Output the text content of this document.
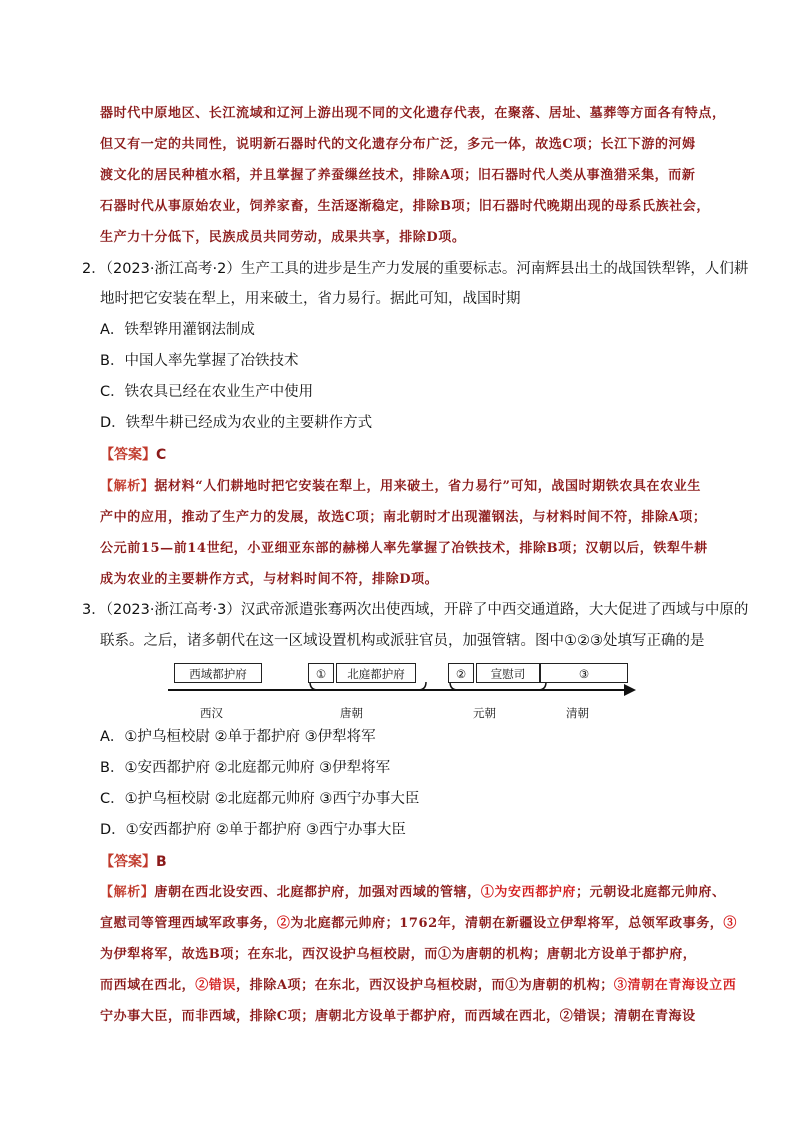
器时代中原地区、长江流域和辽河上游出现不同的文化遗存代表，在聚落、居址、墓葬等方面各有特点，
但又有一定的共同性，说明新石器时代的文化遗存分布广泛，多元一体，故选C项；长江下游的河姆
渡文化的居民种植水稻，并且掌握了养蚕缫丝技术，排除A项；旧石器时代人类从事渔猎采集，而新
石器时代从事原始农业，饲养家畜，生活逐渐稳定，排除B项；旧石器时代晚期出现的母系氏族社会，
生产力十分低下，民族成员共同劳动，成果共享，排除D项。
2．（2023·浙江高考·2）生产工具的进步是生产力发展的重要标志。河南辉县出土的战国铁犁铧，人们耕
地时把它安装在犁上，用来破土，省力易行。据此可知，战国时期
A．铁犁铧用灌钢法制成
B．中国人率先掌握了冶铁技术
C．铁农具已经在农业生产中使用
D．铁犁牛耕已经成为农业的主要耕作方式
【答案】C
【解析】据材料“人们耕地时把它安装在犁上，用来破土，省力易行”可知，战国时期铁农具在农业生
产中的应用，推动了生产力的发展，故选C项；南北朝时才出现灌钢法，与材料时间不符，排除A项；
公元前15—前14世纪，小亚细亚东部的赫梯人率先掌握了冶铁技术，排除B项；汉朝以后，铁犁牛耕
成为农业的主要耕作方式，与材料时间不符，排除D项。
3．（2023·浙江高考·3）汉武帝派遣张骞两次出使西域，开辟了中西交通道路，大大促进了西域与中原的
联系。之后，诸多朝代在这一区域设置机构或派驻官员，加强管辖。图中①②③处填写正确的是
西域都护府	①	北庭都护府	②	宣慰司	③
西汉	唐朝	元朝	清朝
A．①护乌桓校尉 ②单于都护府 ③伊犁将军
B．①安西都护府 ②北庭都元帅府 ③伊犁将军
C．①护乌桓校尉 ②北庭都元帅府 ③西宁办事大臣
D．①安西都护府 ②单于都护府 ③西宁办事大臣
【答案】B
【解析】唐朝在西北设安西、北庭都护府，加强对西域的管辖，①为安西都护府；元朝设北庭都元帅府、
宣慰司等管理西域军政事务，②为北庭都元帅府；1762年，清朝在新疆设立伊犁将军，总领军政事务，③
为伊犁将军，故选B项；在东北，西汉设护乌桓校尉，而①为唐朝的机构；唐朝北方设单于都护府，
而西域在西北，②错误，排除A项；在东北，西汉设护乌桓校尉，而①为唐朝的机构；③清朝在青海设立西
宁办事大臣，而非西域，排除C项；唐朝北方设单于都护府，而西域在西北，②错误；清朝在青海设
